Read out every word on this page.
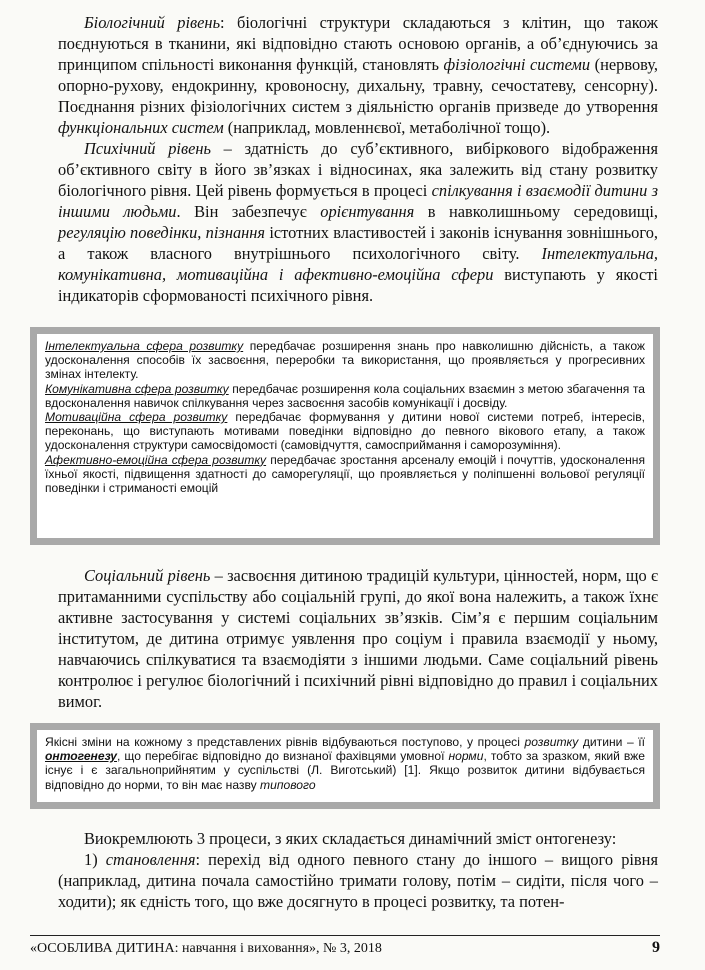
Біологічний рівень: біологічні структури складаються з клітин, що також поєднуються в тканини, які відповідно стають основою органів, а об’єднуючись за принципом спільності виконання функцій, становлять фізіологічні системи (нервову, опорно-рухову, ендокринну, кровоносну, дихальну, травну, сечостатеву, сенсорну). Поєднання різних фізіологічних систем з діяльністю органів призведе до утворення функціональних систем (наприклад, мовленнєвої, метаболічної тощо).

Психічний рівень – здатність до суб’єктивного, вибіркового відображення об’єктивного світу в його зв’язках і відносинах, яка залежить від стану розвитку біологічного рівня. Цей рівень формується в процесі спілкування і взаємодії дитини з іншими людьми. Він забезпечує орієнтування в навколишньому середовищі, регуляцію поведінки, пізнання істотних властивостей і законів існування зовнішнього, а також власного внутрішнього психологічного світу. Інтелектуальна, комунікативна, мотиваційна і афективно-емоційна сфери виступають у якості індикаторів сформованості психічного рівня.

Інтелектуальна сфера розвитку передбачає розширення знань про навколишню дійсність, а також удосконалення способів їх засвоєння, переробки та використання, що проявляється у прогресивних змінах інтелекту.

Комунікативна сфера розвитку передбачає розширення кола соціальних взаємин з метою збагачення та вдосконалення навичок спілкування через засвоєння засобів комунікації і досвіду.

Мотиваційна сфера розвитку передбачає формування у дитини нової системи потреб, інтересів, переконань, що виступають мотивами поведінки відповідно до певного вікового етапу, а також удосконалення структури самосвідомості (самовідчуття, самосприймання і саморозуміння).

Афективно-емоційна сфера розвитку передбачає зростання арсеналу емоцій і почуттів, удосконалення їхньої якості, підвищення здатності до саморегуляції, що проявляється у поліпшенні вольової регуляції поведінки і стриманості емоцій

Соціальний рівень – засвоєння дитиною традицій культури, цінностей, норм, що є притаманними суспільству або соціальній групі, до якої вона належить, а також їхнє активне застосування у системі соціальних зв’язків. Сім’я є першим соціальним інститутом, де дитина отримує уявлення про соціум і правила взаємодії у ньому, навчаючись спілкуватися та взаємодіяти з іншими людьми. Саме соціальний рівень контролює і регулює біологічний і психічний рівні відповідно до правил і соціальних вимог.

Якісні зміни на кожному з представлених рівнів відбуваються поступово, у процесі розвитку дитини – її онтогенезу, що перебігає відповідно до визнаної фахівцями умовної норми, тобто за зразком, який вже існує і є загальноприйнятим у суспільстві (Л. Виготський) [1]. Якщо розвиток дитини відбувається відповідно до норми, то він має назву типового

Виокремлюють 3 процеси, з яких складається динамічний зміст онтогенезу:

1) становлення: перехід від одного певного стану до іншого – вищого рівня (наприклад, дитина почала самостійно тримати голову, потім – сидіти, після чого – ходити); як єдність того, що вже досягнуто в процесі розвитку, та потен-

«ОСОБЛИВА ДИТИНА: навчання і виховання», № 3, 2018	9
